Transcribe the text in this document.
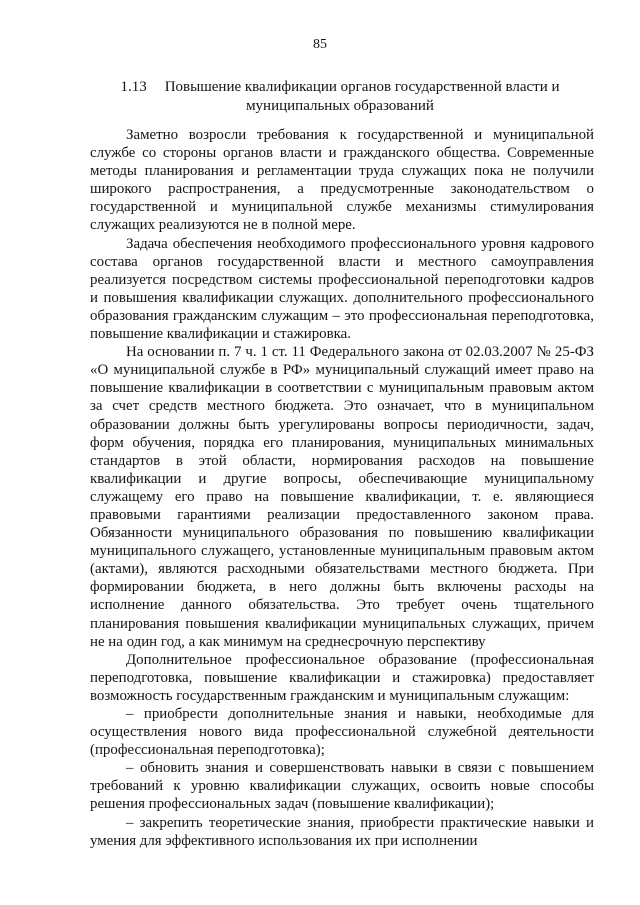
85
1.13 Повышение квалификации органов государственной власти и муниципальных образований

Заметно возросли требования к государственной и муниципальной службе со стороны органов власти и гражданского общества. Современные методы планирования и регламентации труда служащих пока не получили широкого распространения, а предусмотренные законодательством о государственной и муниципальной службе механизмы стимулирования служащих реализуются не в полной мере.

Задача обеспечения необходимого профессионального уровня кадрового состава органов государственной власти и местного самоуправления реализуется посредством системы профессиональной переподготовки кадров и повышения квалификации служащих. дополнительного профессионального образования гражданским служащим – это профессиональная переподготовка, повышение квалификации и стажировка.

На основании п. 7 ч. 1 ст. 11 Федерального закона от 02.03.2007 № 25-ФЗ «О муниципальной службе в РФ» муниципальный служащий имеет право на повышение квалификации в соответствии с муниципальным правовым актом за счет средств местного бюджета. Это означает, что в муниципальном образовании должны быть урегулированы вопросы периодичности, задач, форм обучения, порядка его планирования, муниципальных минимальных стандартов в этой области, нормирования расходов на повышение квалификации и другие вопросы, обеспечивающие муниципальному служащему его право на повышение квалификации, т. е. являющиеся правовыми гарантиями реализации предоставленного законом права. Обязанности муниципального образования по повышению квалификации муниципального служащего, установленные муниципальным правовым актом (актами), являются расходными обязательствами местного бюджета. При формировании бюджета, в него должны быть включены расходы на исполнение данного обязательства. Это требует очень тщательного планирования повышения квалификации муниципальных служащих, причем не на один год, а как минимум на среднесрочную перспективу

Дополнительное профессиональное образование (профессиональная переподготовка, повышение квалификации и стажировка) предоставляет возможность государственным гражданским и муниципальным служащим:

– приобрести дополнительные знания и навыки, необходимые для осуществления нового вида профессиональной служебной деятельности (профессиональная переподготовка);

– обновить знания и совершенствовать навыки в связи с повышением требований к уровню квалификации служащих, освоить новые способы решения профессиональных задач (повышение квалификации);

– закрепить теоретические знания, приобрести практические навыки и умения для эффективного использования их при исполнении
